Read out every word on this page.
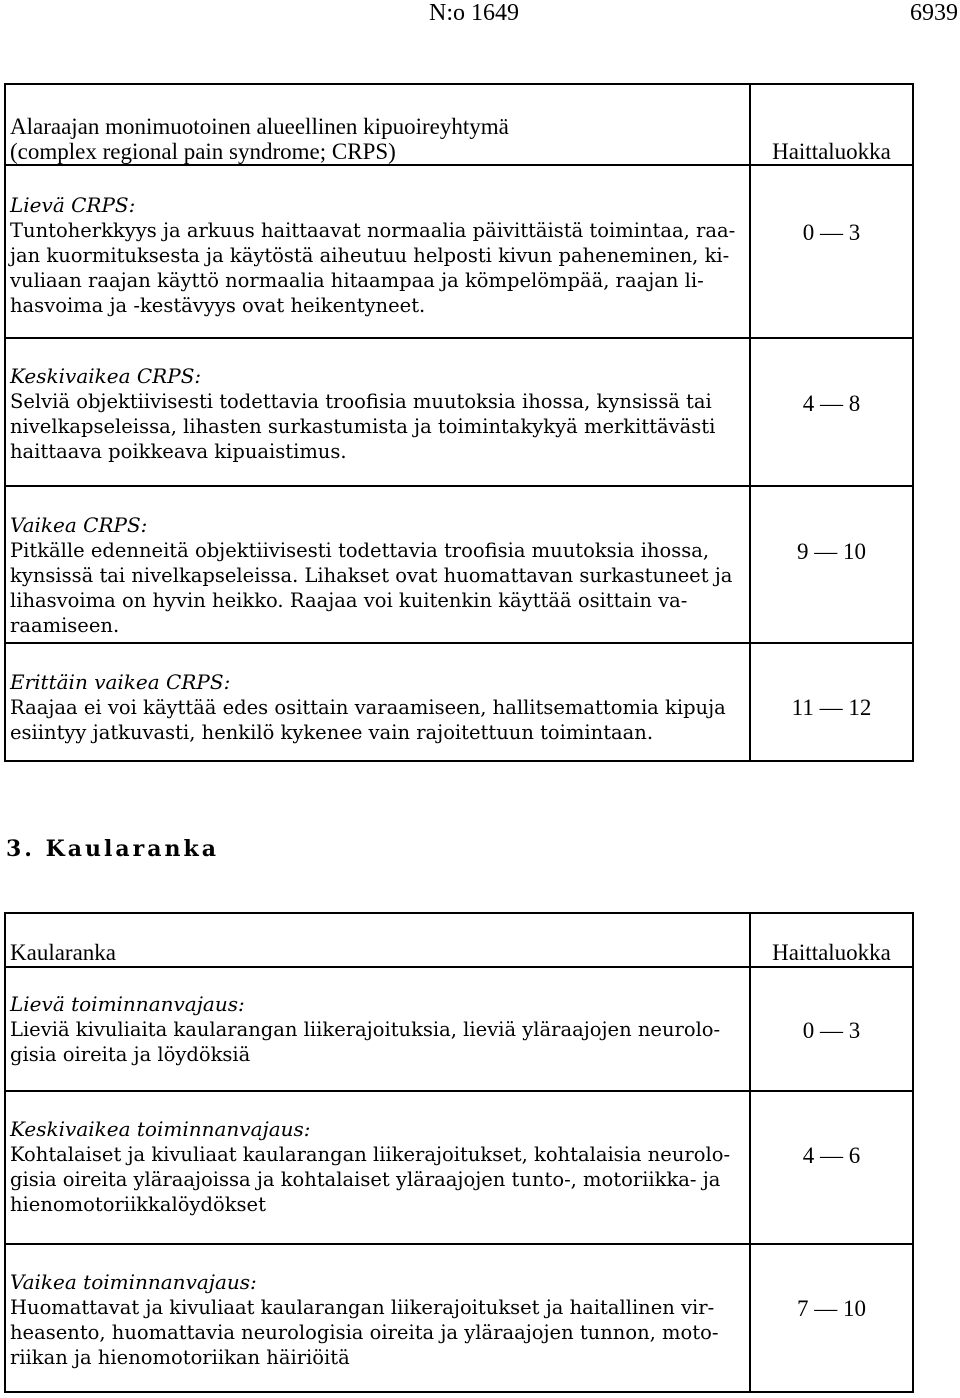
N:o 1649	6939
Alaraajan monimuotoinen alueellinen kipuoireyhtymä
(complex regional pain syndrome; CRPS)	Haittaluokka

Lievä CRPS:
Tuntoherkkyys ja arkuus haittaavat normaalia päivittäistä toimintaa, raa-
jan kuormituksesta ja käytöstä aiheutuu helposti kivun paheneminen, ki-
vuliaan raajan käyttö normaalia hitaampaa ja kömpelömpää, raajan li-
hasvoima ja -kestävyys ovat heikentyneet.	0 — 3

Keskivaikea CRPS:
Selviä objektiivisesti todettavia troofisia muutoksia ihossa, kynsissä tai
nivelkapseleissa, lihasten surkastumista ja toimintakykyä merkittävästi
haittaava poikkeava kipuaistimus.	4 — 8

Vaikea CRPS:
Pitkälle edenneitä objektiivisesti todettavia troofisia muutoksia ihossa,
kynsissä tai nivelkapseleissa. Lihakset ovat huomattavan surkastuneet ja
lihasvoima on hyvin heikko. Raajaa voi kuitenkin käyttää osittain va-
raamiseen.	9 — 10

Erittäin vaikea CRPS:
Raajaa ei voi käyttää edes osittain varaamiseen, hallitsemattomia kipuja
esiintyy jatkuvasti, henkilö kykenee vain rajoitettuun toimintaan.	11 — 12
3. Kaularanka
Kaularanka	Haittaluokka

Lievä toiminnanvajaus:
Lieviä kivuliaita kaularangan liikerajoituksia, lieviä yläraajojen neurolo-
gisia oireita ja löydöksiä	0 — 3

Keskivaikea toiminnanvajaus:
Kohtalaiset ja kivuliaat kaularangan liikerajoitukset, kohtalaisia neurolo-
gisia oireita yläraajoissa ja kohtalaiset yläraajojen tunto-, motoriikka- ja
hienomotoriikkalöydökset	4 — 6

Vaikea toiminnanvajaus:
Huomattavat ja kivuliaat kaularangan liikerajoitukset ja haitallinen vir-
heasento, huomattavia neurologisia oireita ja yläraajojen tunnon, moto-
riikan ja hienomotoriikan häiriöitä	7 — 10
